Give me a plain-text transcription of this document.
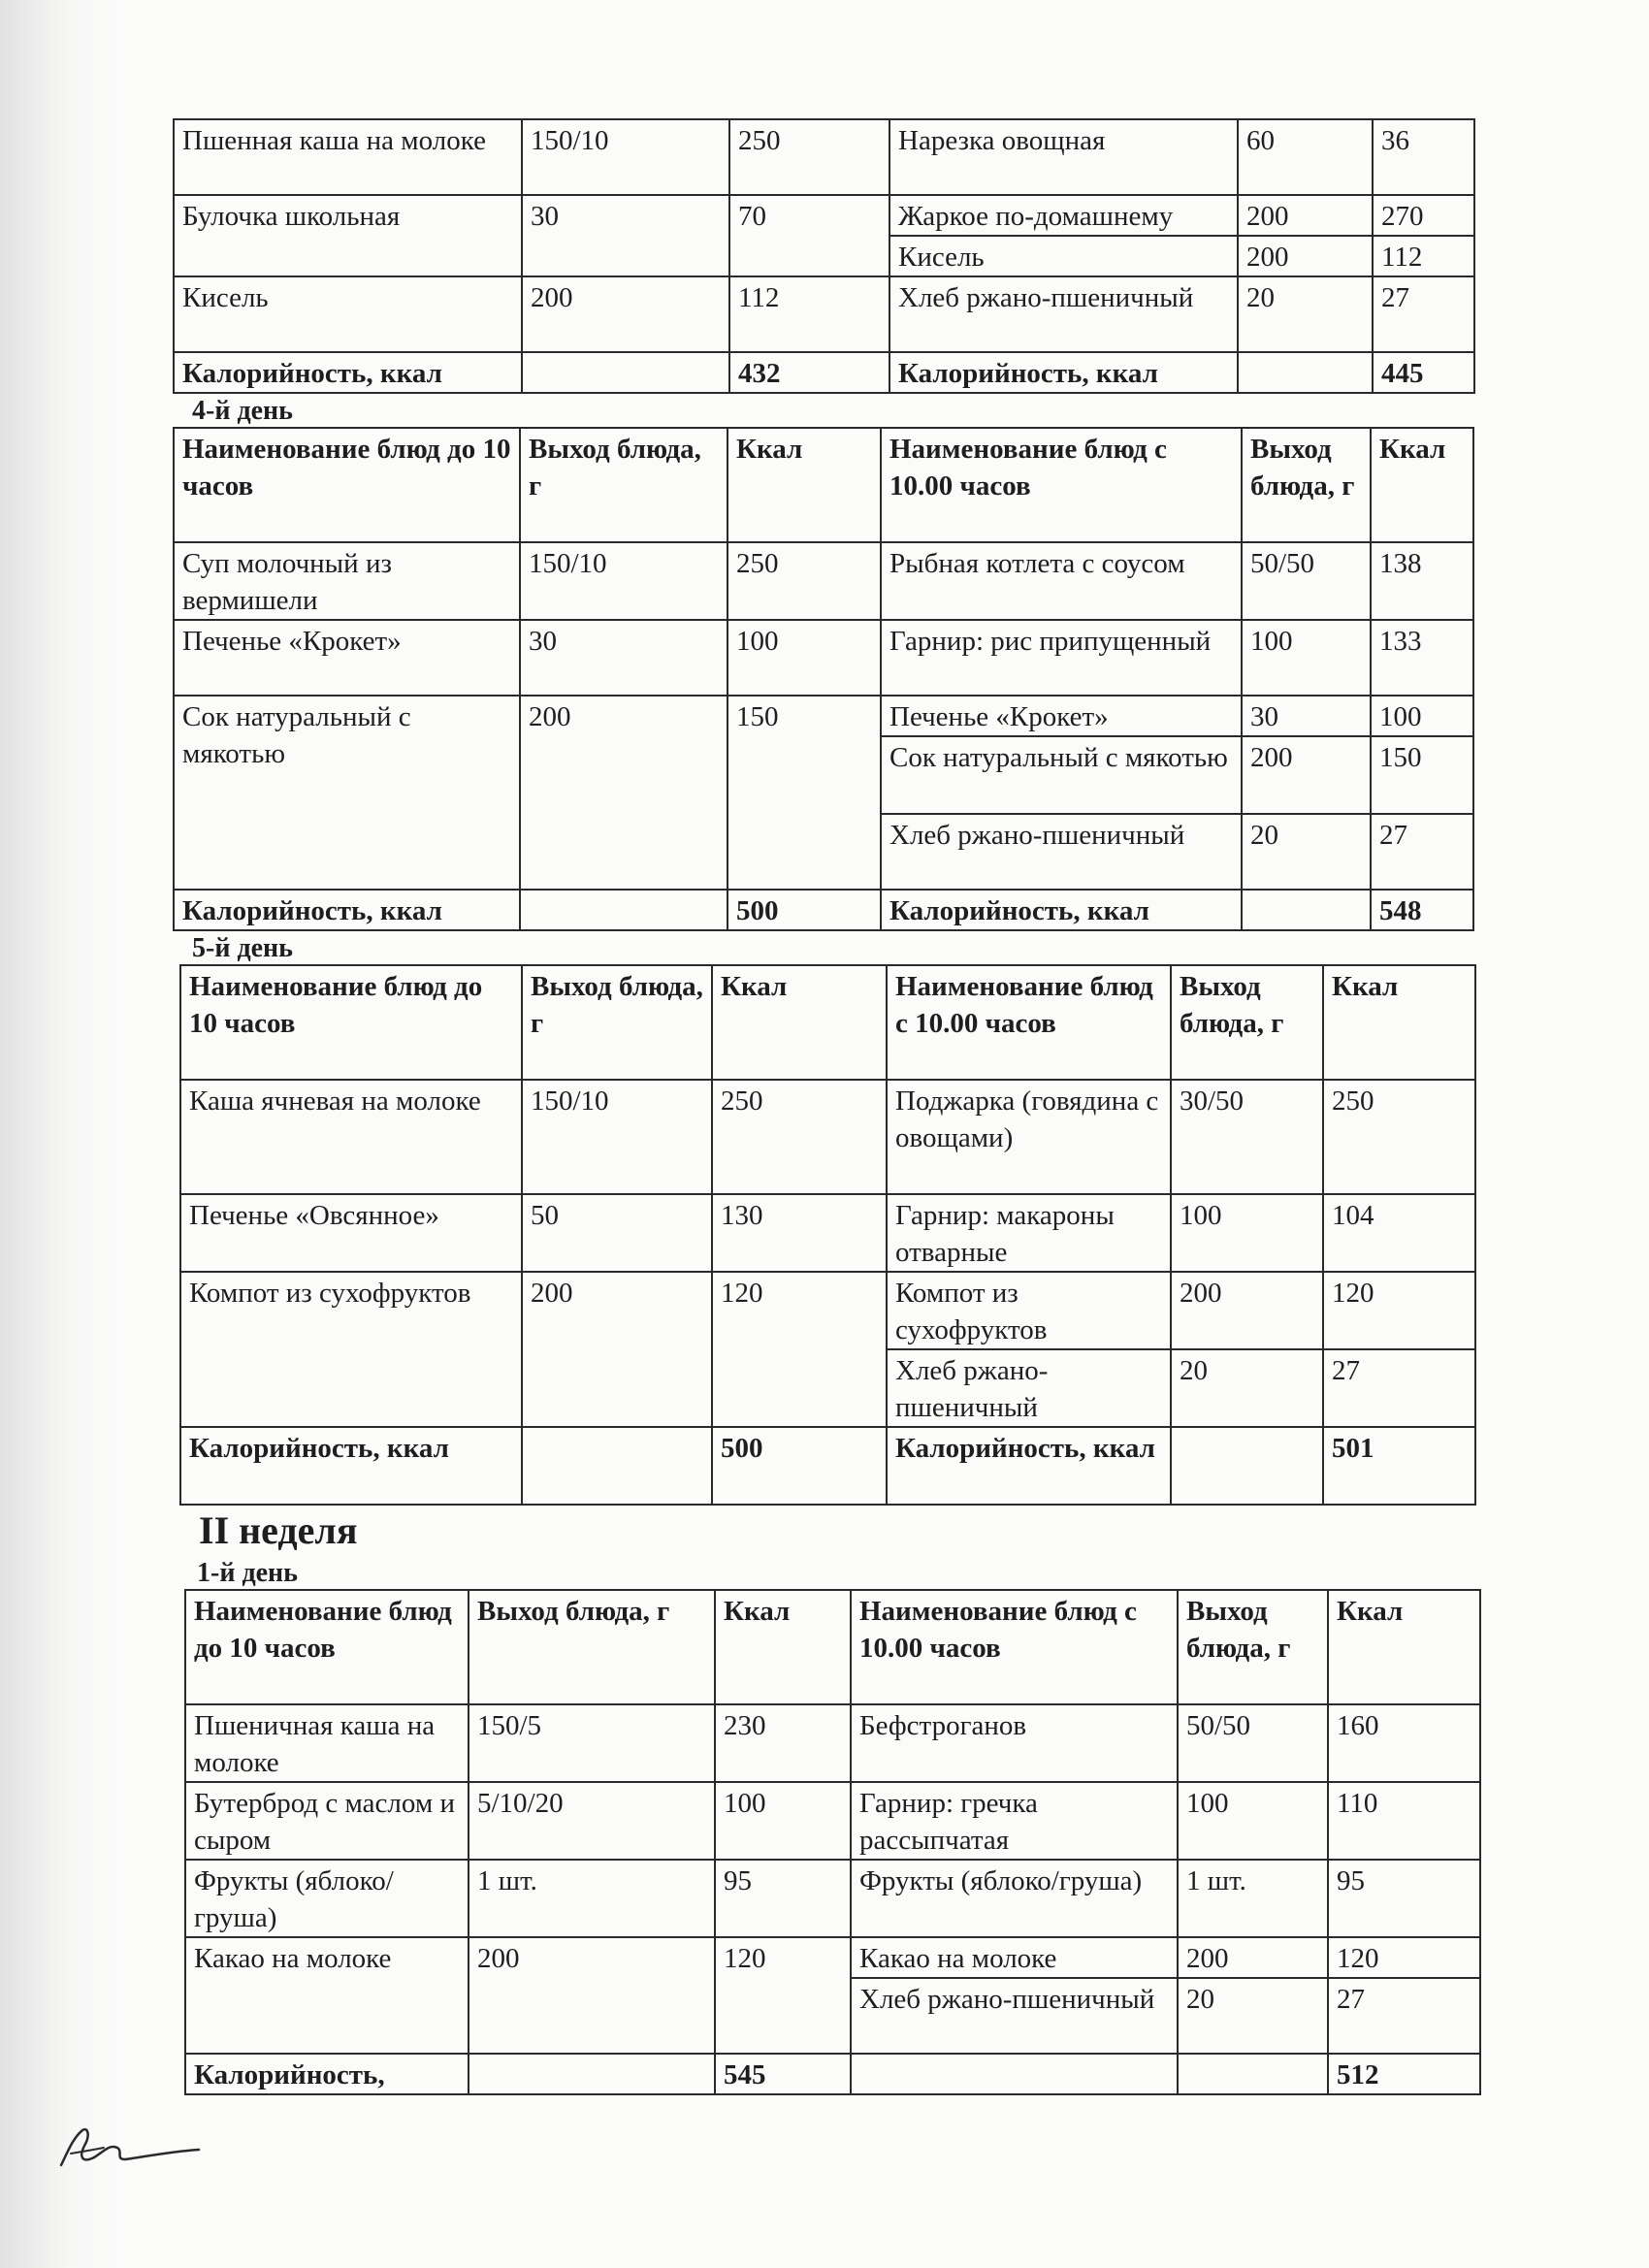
Пшенная каша на молоке	150/10	250	Нарезка овощная	60	36
Булочка школьная	30	70	Жаркое по-домашнему	200	270
			Кисель	200	112
Кисель	200	112	Хлеб ржано-пшеничный	20	27
Калорийность, ккал		432	Калорийность, ккал		445
4-й день
Наименование блюд до 10 часов	Выход блюда, г	Ккал	Наименование блюд с 10.00 часов	Выход блюда, г	Ккал
Суп молочный из вермишели	150/10	250	Рыбная котлета с соусом	50/50	138
Печенье «Крокет»	30	100	Гарнир: рис припущенный	100	133
Сок натуральный с мякотью	200	150	Печенье «Крокет»	30	100
			Сок натуральный с мякотью	200	150
			Хлеб ржано-пшеничный	20	27
Калорийность, ккал		500	Калорийность, ккал		548
5-й день
Наименование блюд до 10 часов	Выход блюда, г	Ккал	Наименование блюд с 10.00 часов	Выход блюда, г	Ккал
Каша ячневая на молоке	150/10	250	Поджарка (говядина с овощами)	30/50	250
Печенье «Овсянное»	50	130	Гарнир: макароны отварные	100	104
Компот из сухофруктов	200	120	Компот из сухофруктов	200	120
			Хлеб ржано-пшеничный	20	27
Калорийность, ккал		500	Калорийность, ккал		501
II неделя
1-й день
Наименование блюд до 10 часов	Выход блюда, г	Ккал	Наименование блюд с 10.00 часов	Выход блюда, г	Ккал
Пшеничная каша на молоке	150/5	230	Бефстроганов	50/50	160
Бутерброд с маслом и сыром	5/10/20	100	Гарнир: гречка рассыпчатая	100	110
Фрукты (яблоко/груша)	1 шт.	95	Фрукты (яблоко/груша)	1 шт.	95
Какао на молоке	200	120	Какао на молоке	200	120
			Хлеб ржано-пшеничный	20	27
Калорийность,		545			512
